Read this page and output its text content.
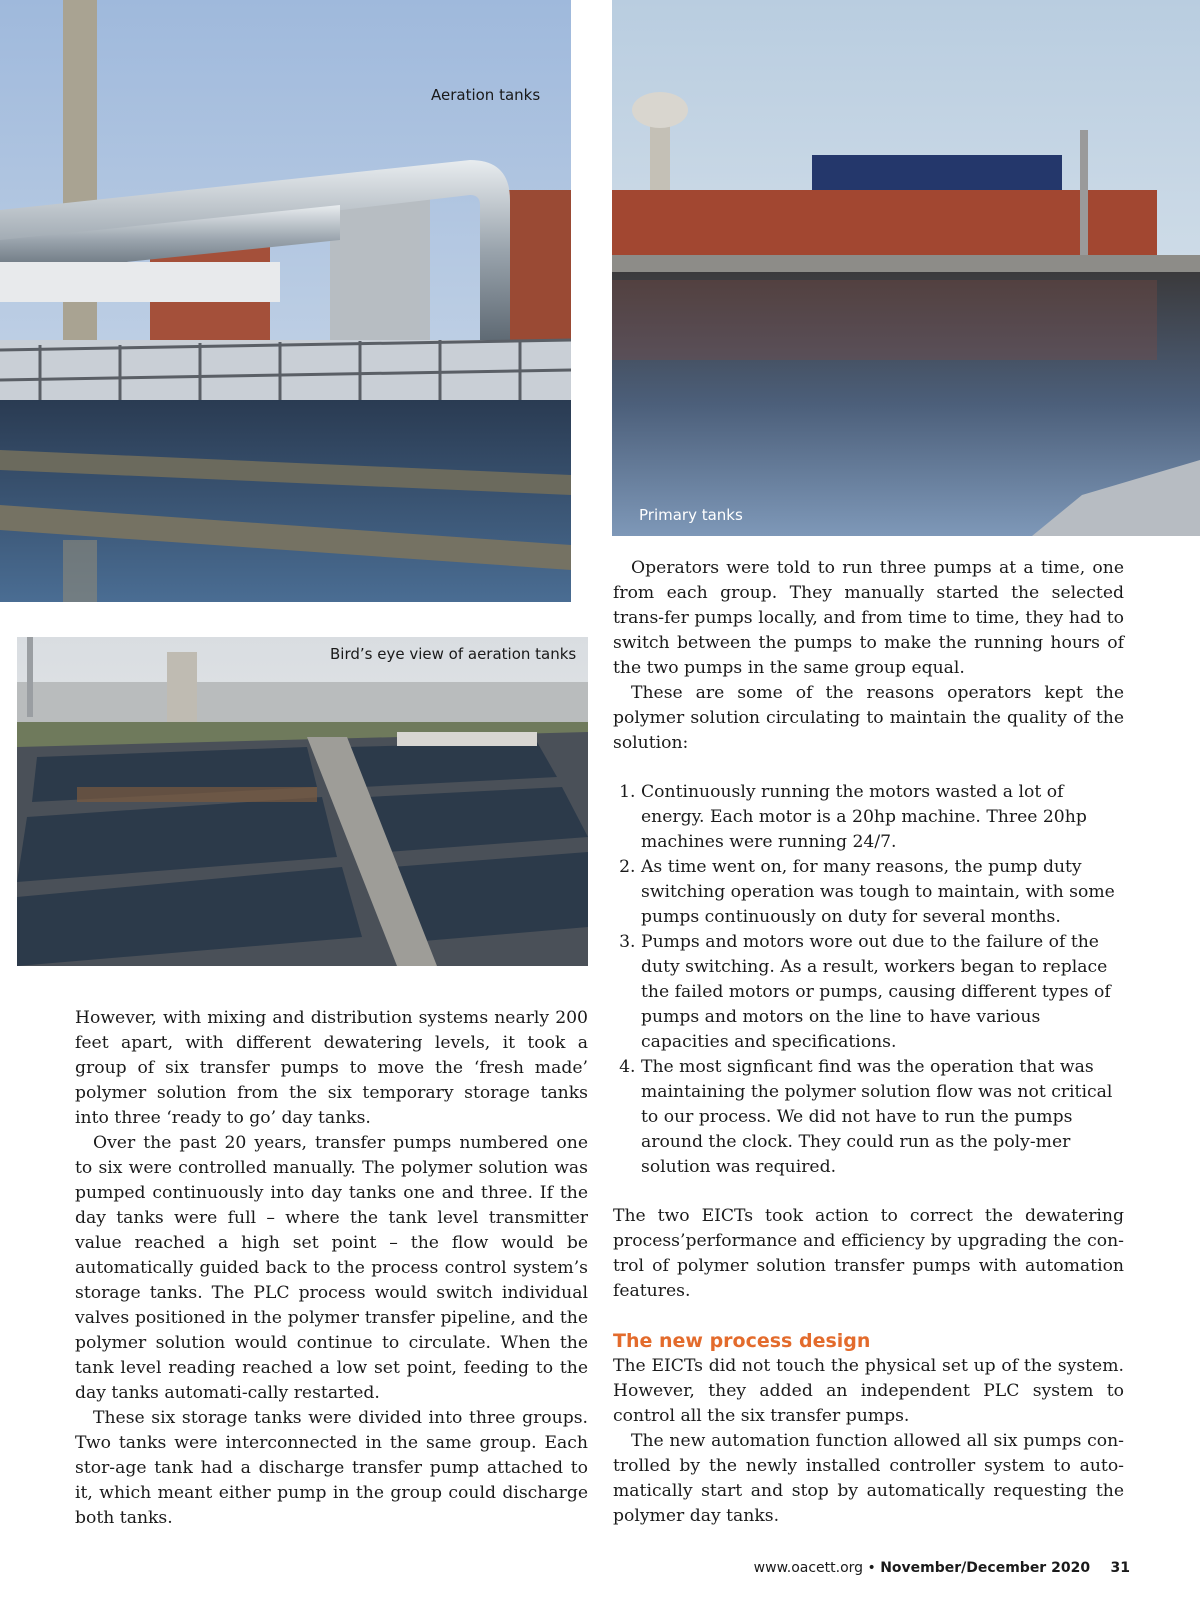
Aeration tanks
Primary tanks
Bird’s eye view of aeration tanks

However, with mixing and distribution systems nearly 200 feet apart, with different dewatering levels, it took a group of six transfer pumps to move the ‘fresh made’ polymer solution from the six temporary storage tanks into three ‘ready to go’ day tanks.

Over the past 20 years, transfer pumps numbered one to six were controlled manually. The polymer solution was pumped continuously into day tanks one and three. If the day tanks were full – where the tank level transmitter value reached a high set point – the flow would be automatically guided back to the process control system’s storage tanks. The PLC process would switch individual valves positioned in the polymer transfer pipeline, and the polymer solution would continue to circulate. When the tank level reading reached a low set point, feeding to the day tanks automati-cally restarted.

These six storage tanks were divided into three groups. Two tanks were interconnected in the same group. Each stor-age tank had a discharge transfer pump attached to it, which meant either pump in the group could discharge both tanks.

Operators were told to run three pumps at a time, one from each group. They manually started the selected trans-fer pumps locally, and from time to time, they had to switch between the pumps to make the running hours of the two pumps in the same group equal.

These are some of the reasons operators kept the polymer solution circulating to maintain the quality of the solution:

1. Continuously running the motors wasted a lot of energy. Each motor is a 20hp machine. Three 20hp machines were running 24/7.
2. As time went on, for many reasons, the pump duty switching operation was tough to maintain, with some pumps continuously on duty for several months.
3. Pumps and motors wore out due to the failure of the duty switching. As a result, workers began to replace the failed motors or pumps, causing different types of pumps and motors on the line to have various capacities and specifications.
4. The most signficant find was the operation that was maintaining the polymer solution flow was not critical to our process. We did not have to run the pumps around the clock. They could run as the poly-mer solution was required.

The two EICTs took action to correct the dewatering process’performance and efficiency by upgrading the con-trol of polymer solution transfer pumps with automation features.

The new process design

The EICTs did not touch the physical set up of the system. However, they added an independent PLC system to control all the six transfer pumps.

The new automation function allowed all six pumps con-trolled by the newly installed controller system to auto-matically start and stop by automatically requesting the polymer day tanks.

www.oacett.org • November/December 2020 31
